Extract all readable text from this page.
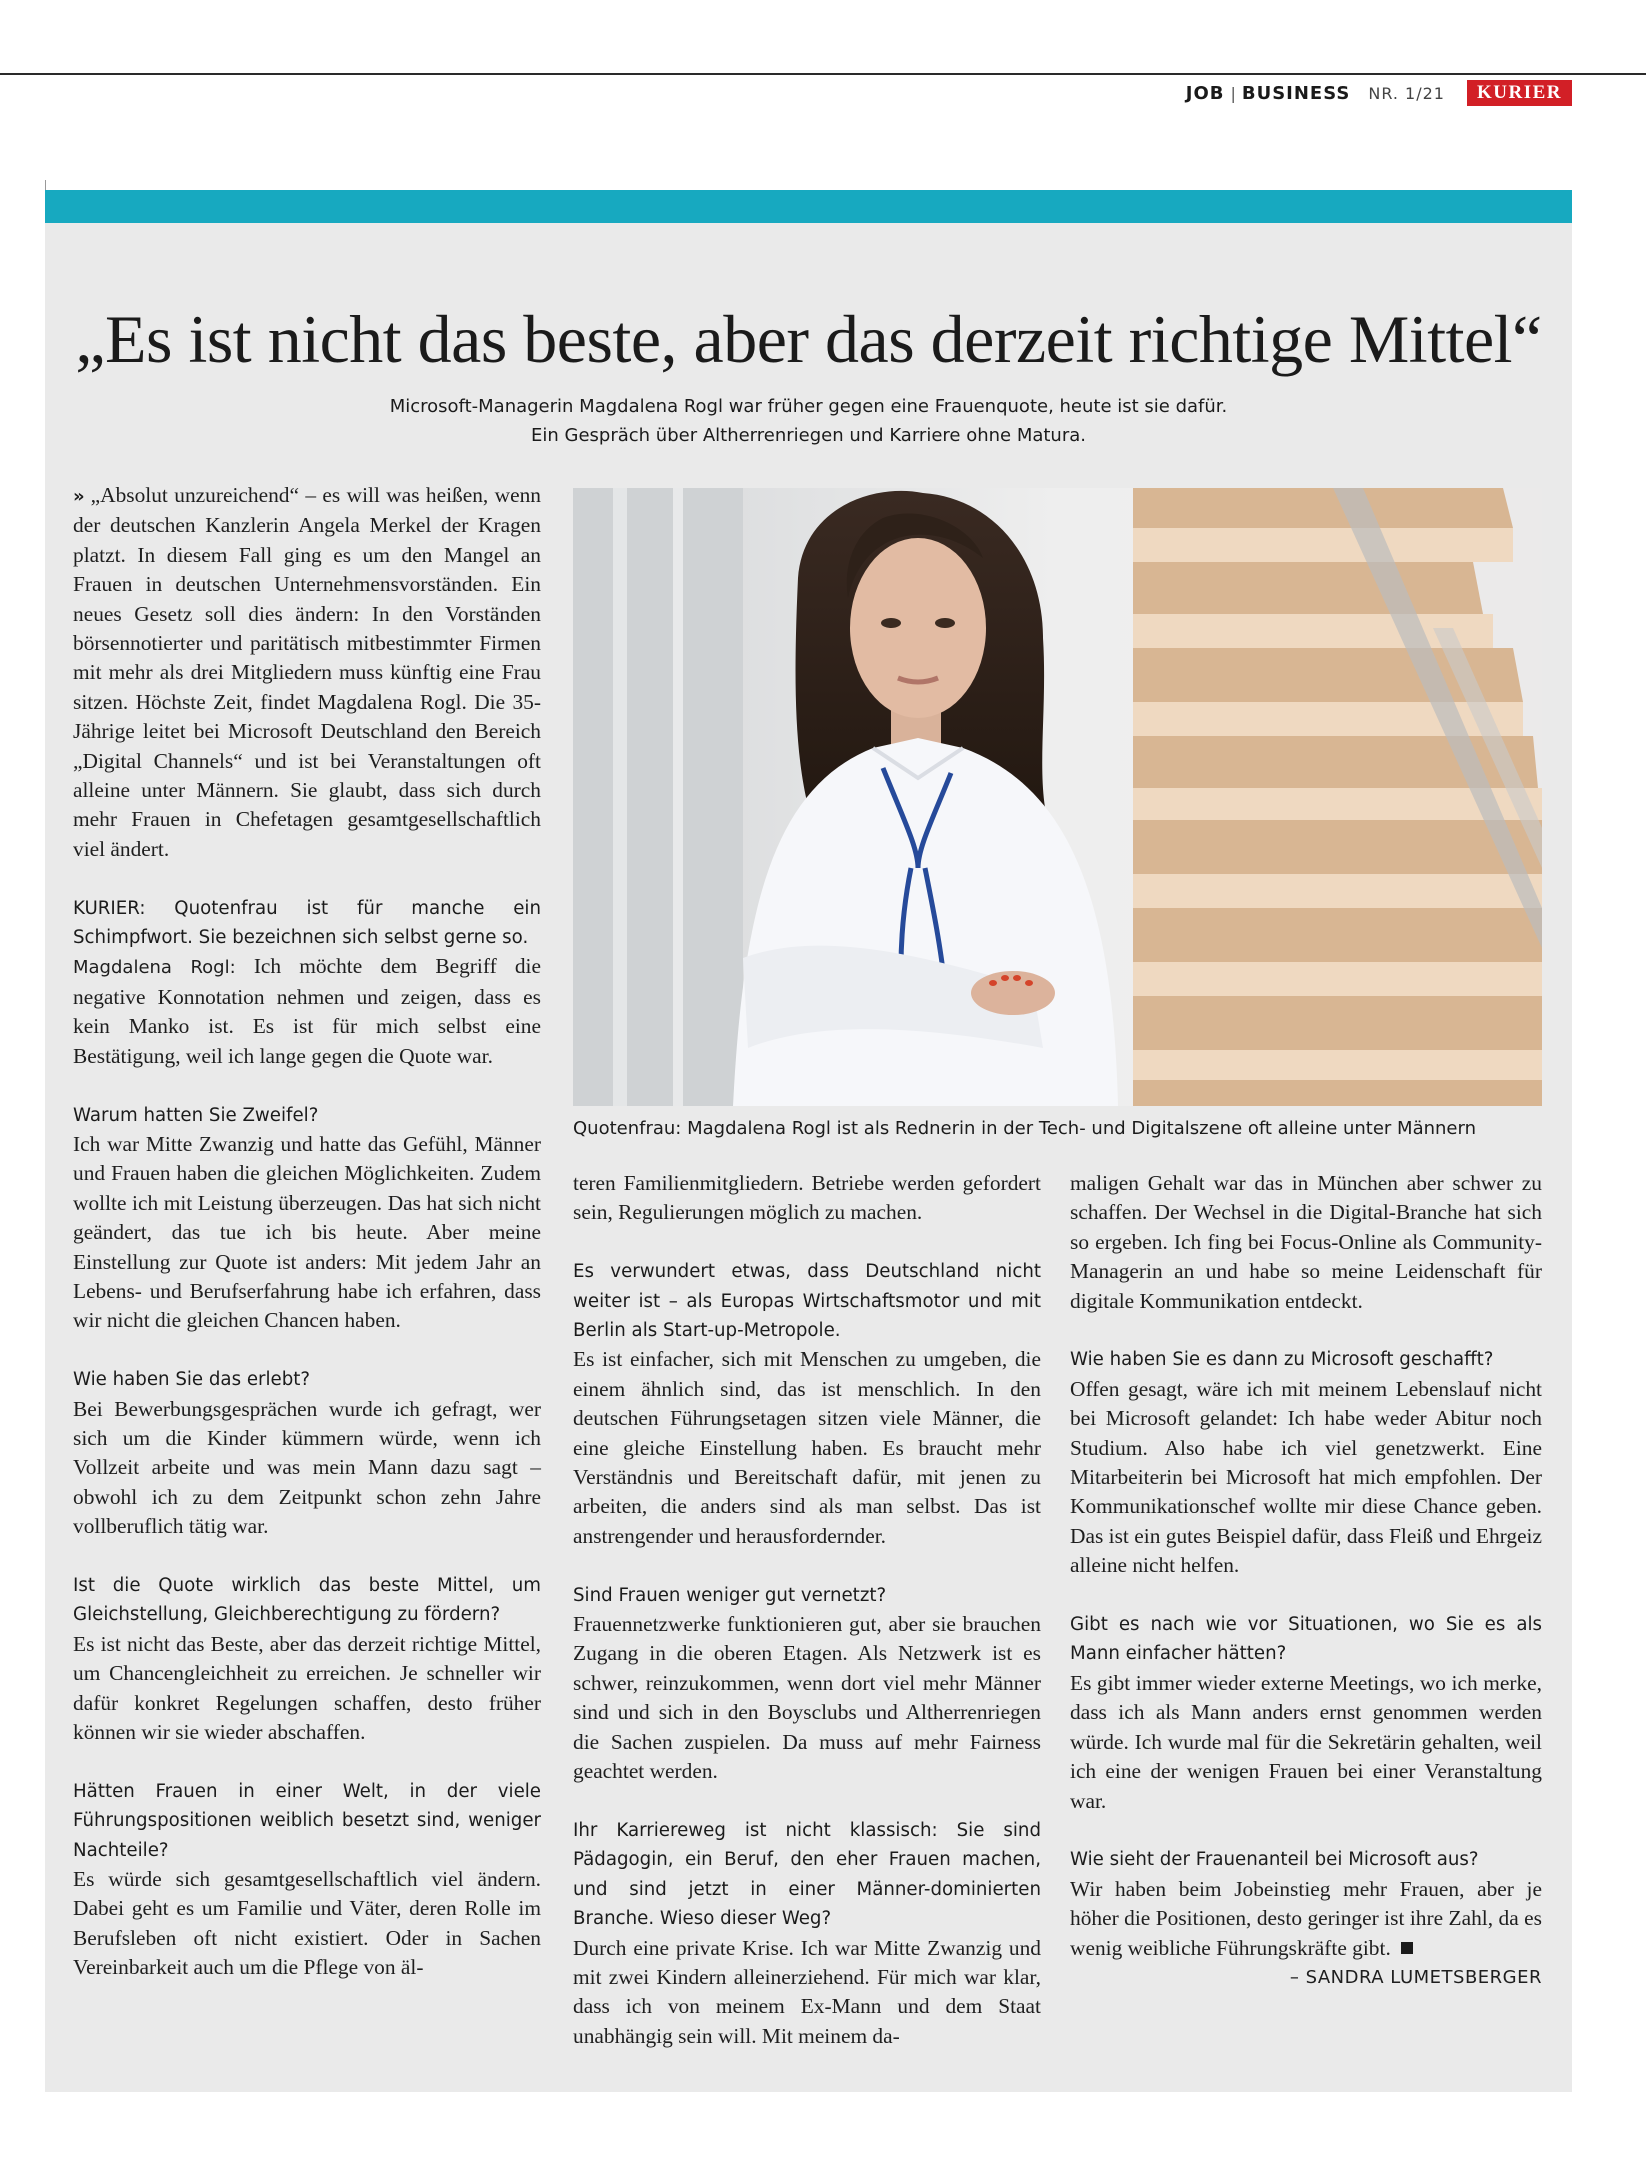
JOB | BUSINESS NR. 1/21	KURIER
„Es ist nicht das beste, aber das derzeit richtige Mittel“
Microsoft-Managerin Magdalena Rogl war früher gegen eine Frauenquote, heute ist sie dafür.
Ein Gespräch über Altherrenriegen und Karriere ohne Matura.
Quotenfrau: Magdalena Rogl ist als Rednerin in der Tech- und Digitalszene oft alleine unter Männern

» „Absolut unzureichend“ – es will was heißen, wenn der deutschen Kanzlerin Angela Merkel der Kragen platzt. In diesem Fall ging es um den Mangel an Frauen in deutschen Unternehmensvorständen. Ein neues Gesetz soll dies ändern: In den Vorständen börsennotierter und paritätisch mitbestimmter Firmen mit mehr als drei Mitgliedern muss künftig eine Frau sitzen. Höchste Zeit, findet Magdalena Rogl. Die 35-Jährige leitet bei Microsoft Deutschland den Bereich „Digital Channels“ und ist bei Veranstaltungen oft alleine unter Männern. Sie glaubt, dass sich durch mehr Frauen in Chefetagen gesamtgesellschaftlich viel ändert.

KURIER: Quotenfrau ist für manche ein Schimpfwort. Sie bezeichnen sich selbst gerne so.

Magdalena Rogl: Ich möchte dem Begriff die negative Konnotation nehmen und zeigen, dass es kein Manko ist. Es ist für mich selbst eine Bestätigung, weil ich lange gegen die Quote war.

Warum hatten Sie Zweifel?

Ich war Mitte Zwanzig und hatte das Gefühl, Männer und Frauen haben die gleichen Möglichkeiten. Zudem wollte ich mit Leistung überzeugen. Das hat sich nicht geändert, das tue ich bis heute. Aber meine Einstellung zur Quote ist anders: Mit jedem Jahr an Lebens- und Berufserfahrung habe ich erfahren, dass wir nicht die gleichen Chancen haben.

Wie haben Sie das erlebt?

Bei Bewerbungsgesprächen wurde ich gefragt, wer sich um die Kinder kümmern würde, wenn ich Vollzeit arbeite und was mein Mann dazu sagt – obwohl ich zu dem Zeitpunkt schon zehn Jahre vollberuflich tätig war.

Ist die Quote wirklich das beste Mittel, um Gleichstellung, Gleichberechtigung zu fördern?

Es ist nicht das Beste, aber das derzeit richtige Mittel, um Chancengleichheit zu erreichen. Je schneller wir dafür konkret Regelungen schaffen, desto früher können wir sie wieder abschaffen.

Hätten Frauen in einer Welt, in der viele Führungspositionen weiblich besetzt sind, weniger Nachteile?

Es würde sich gesamtgesellschaftlich viel ändern. Dabei geht es um Familie und Väter, deren Rolle im Berufsleben oft nicht existiert. Oder in Sachen Vereinbarkeit auch um die Pflege von äl-

teren Familienmitgliedern. Betriebe werden gefordert sein, Regulierungen möglich zu machen.

Es verwundert etwas, dass Deutschland nicht weiter ist – als Europas Wirtschaftsmotor und mit Berlin als Start-up-Metropole.

Es ist einfacher, sich mit Menschen zu umgeben, die einem ähnlich sind, das ist menschlich. In den deutschen Führungsetagen sitzen viele Männer, die eine gleiche Einstellung haben. Es braucht mehr Verständnis und Bereitschaft dafür, mit jenen zu arbeiten, die anders sind als man selbst. Das ist anstrengender und herausfordernder.

Sind Frauen weniger gut vernetzt?

Frauennetzwerke funktionieren gut, aber sie brauchen Zugang in die oberen Etagen. Als Netzwerk ist es schwer, reinzukommen, wenn dort viel mehr Männer sind und sich in den Boysclubs und Altherrenriegen die Sachen zuspielen. Da muss auf mehr Fairness geachtet werden.

Ihr Karriereweg ist nicht klassisch: Sie sind Pädagogin, ein Beruf, den eher Frauen machen, und sind jetzt in einer Männer-dominierten Branche. Wieso dieser Weg?

Durch eine private Krise. Ich war Mitte Zwanzig und mit zwei Kindern alleinerziehend. Für mich war klar, dass ich von meinem Ex-Mann und dem Staat unabhängig sein will. Mit meinem da-

maligen Gehalt war das in München aber schwer zu schaffen. Der Wechsel in die Digital-Branche hat sich so ergeben. Ich fing bei Focus-Online als Community-Managerin an und habe so meine Leidenschaft für digitale Kommunikation entdeckt.

Wie haben Sie es dann zu Microsoft geschafft?

Offen gesagt, wäre ich mit meinem Lebenslauf nicht bei Microsoft gelandet: Ich habe weder Abitur noch Studium. Also habe ich viel genetzwerkt. Eine Mitarbeiterin bei Microsoft hat mich empfohlen. Der Kommunikationschef wollte mir diese Chance geben. Das ist ein gutes Beispiel dafür, dass Fleiß und Ehrgeiz alleine nicht helfen.

Gibt es nach wie vor Situationen, wo Sie es als Mann einfacher hätten?

Es gibt immer wieder externe Meetings, wo ich merke, dass ich als Mann anders ernst genommen werden würde. Ich wurde mal für die Sekretärin gehalten, weil ich eine der wenigen Frauen bei einer Veranstaltung war.

Wie sieht der Frauenanteil bei Microsoft aus?

Wir haben beim Jobeinstieg mehr Frauen, aber je höher die Positionen, desto geringer ist ihre Zahl, da es wenig weibliche Führungskräfte gibt.

– SANDRA LUMETSBERGER
